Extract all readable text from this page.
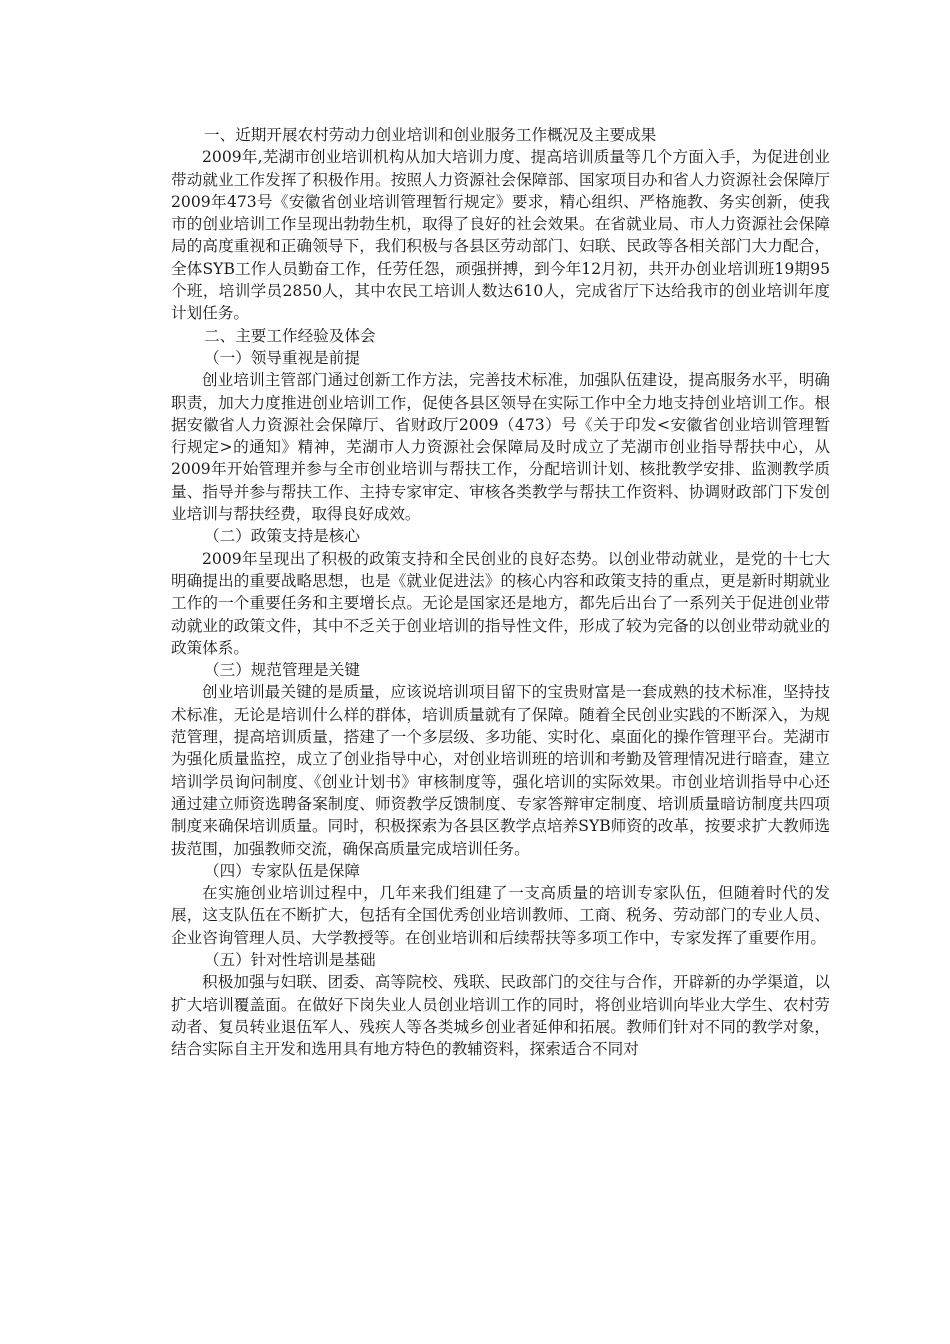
一、近期开展农村劳动力创业培训和创业服务工作概况及主要成果

2009年,芜湖市创业培训机构从加大培训力度、提高培训质量等几个方面入手，为促进创业带动就业工作发挥了积极作用。按照人力资源社会保障部、国家项目办和省人力资源社会保障厅2009年473号《安徽省创业培训管理暂行规定》要求，精心组织、严格施教、务实创新，使我市的创业培训工作呈现出勃勃生机，取得了良好的社会效果。在省就业局、市人力资源社会保障局的高度重视和正确领导下，我们积极与各县区劳动部门、妇联、民政等各相关部门大力配合，全体SYB工作人员勤奋工作，任劳任怨，顽强拼搏，到今年12月初，共开办创业培训班19期95个班，培训学员2850人，其中农民工培训人数达610人，完成省厅下达给我市的创业培训年度计划任务。

二、主要工作经验及体会

（一）领导重视是前提

创业培训主管部门通过创新工作方法，完善技术标准，加强队伍建设，提高服务水平，明确职责，加大力度推进创业培训工作，促使各县区领导在实际工作中全力地支持创业培训工作。根据安徽省人力资源社会保障厅、省财政厅2009（473）号《关于印发<安徽省创业培训管理暂行规定>的通知》精神，芜湖市人力资源社会保障局及时成立了芜湖市创业指导帮扶中心，从2009年开始管理并参与全市创业培训与帮扶工作，分配培训计划、核批教学安排、监测教学质量、指导并参与帮扶工作、主持专家审定、审核各类教学与帮扶工作资料、协调财政部门下发创业培训与帮扶经费，取得良好成效。

（二）政策支持是核心

2009年呈现出了积极的政策支持和全民创业的良好态势。以创业带动就业，是党的十七大明确提出的重要战略思想，也是《就业促进法》的核心内容和政策支持的重点，更是新时期就业工作的一个重要任务和主要增长点。无论是国家还是地方，都先后出台了一系列关于促进创业带动就业的政策文件，其中不乏关于创业培训的指导性文件，形成了较为完备的以创业带动就业的政策体系。

（三）规范管理是关键

创业培训最关键的是质量，应该说培训项目留下的宝贵财富是一套成熟的技术标准，坚持技术标准，无论是培训什么样的群体，培训质量就有了保障。随着全民创业实践的不断深入，为规范管理，提高培训质量，搭建了一个多层级、多功能、实时化、桌面化的操作管理平台。芜湖市为强化质量监控，成立了创业指导中心，对创业培训班的培训和考勤及管理情况进行暗查，建立培训学员询问制度、《创业计划书》审核制度等，强化培训的实际效果。市创业培训指导中心还通过建立师资选聘备案制度、师资教学反馈制度、专家答辩审定制度、培训质量暗访制度共四项制度来确保培训质量。同时，积极探索为各县区教学点培养SYB师资的改革，按要求扩大教师选拔范围，加强教师交流，确保高质量完成培训任务。

（四）专家队伍是保障

在实施创业培训过程中，几年来我们组建了一支高质量的培训专家队伍，但随着时代的发展，这支队伍在不断扩大，包括有全国优秀创业培训教师、工商、税务、劳动部门的专业人员、企业咨询管理人员、大学教授等。在创业培训和后续帮扶等多项工作中，专家发挥了重要作用。

（五）针对性培训是基础

积极加强与妇联、团委、高等院校、残联、民政部门的交往与合作，开辟新的办学渠道，以扩大培训覆盖面。在做好下岗失业人员创业培训工作的同时，将创业培训向毕业大学生、农村劳动者、复员转业退伍军人、残疾人等各类城乡创业者延伸和拓展。教师们针对不同的教学对象，结合实际自主开发和选用具有地方特色的教辅资料，探索适合不同对
